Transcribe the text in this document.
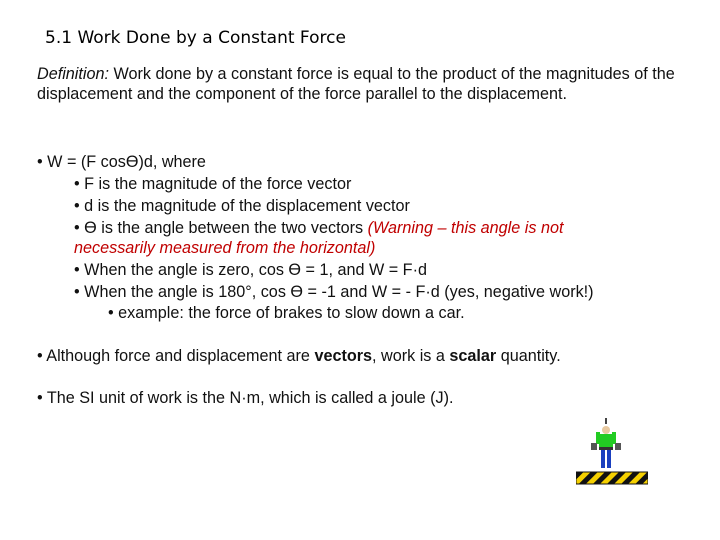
5.1 Work Done by a Constant Force
Definition: Work done by a constant force is equal to the product of the magnitudes of the displacement and the component of the force parallel to the displacement.
• W = (F cosϴ)d, where
• F is the magnitude of the force vector
• d is the magnitude of the displacement vector
• ϴ is the angle between the two vectors (Warning – this angle is not
necessarily measured from the horizontal)
• When the angle is zero, cos ϴ = 1, and W = F·d
• When the angle is 180°, cos ϴ = -1 and W = - F·d (yes, negative work!)
• example: the force of brakes to slow down a car.
• Although force and displacement are vectors, work is a scalar quantity.
• The SI unit of work is the N·m, which is called a joule (J).
